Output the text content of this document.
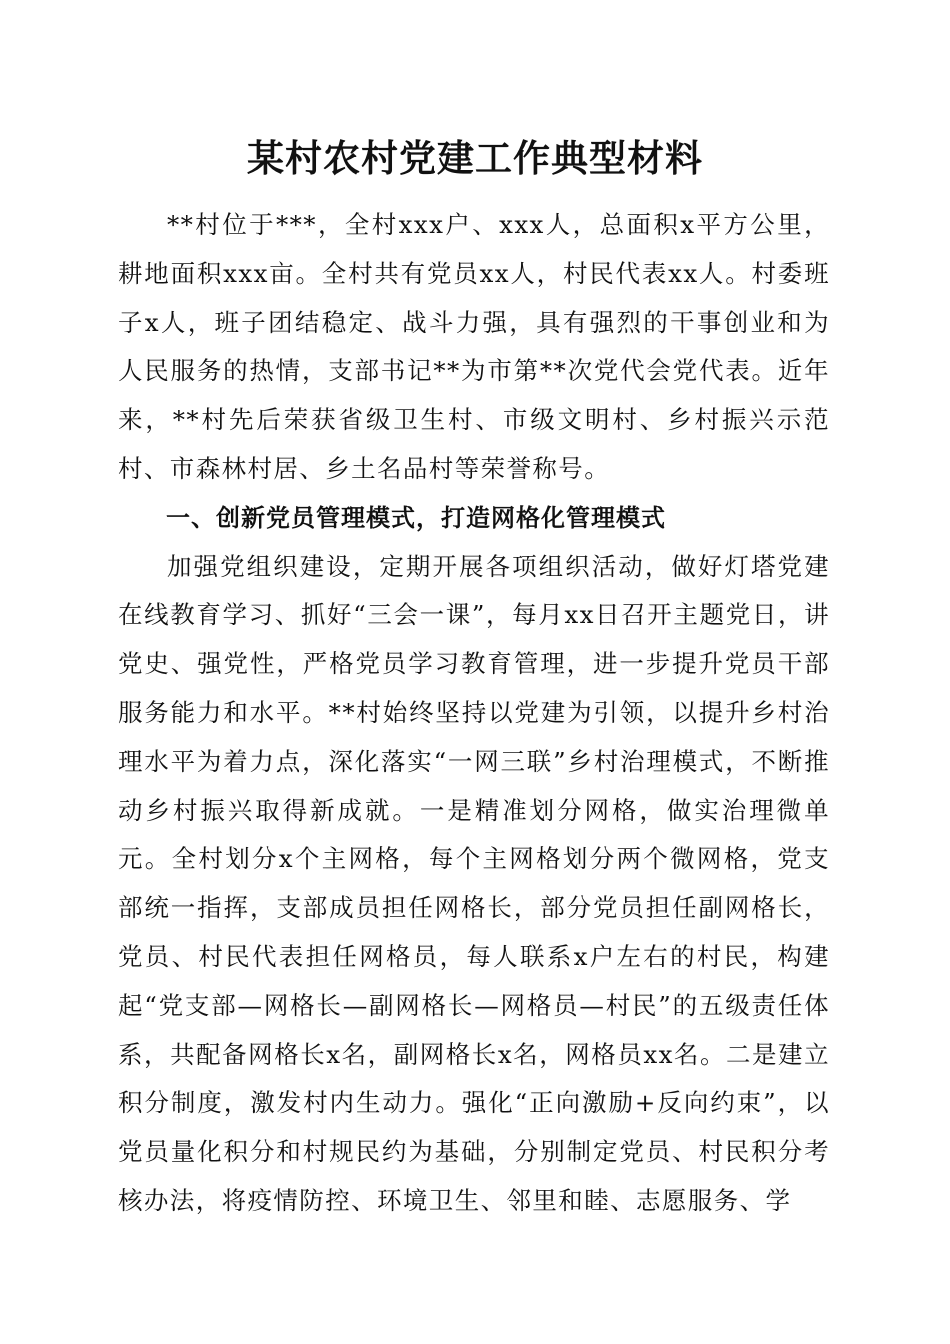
某村农村党建工作典型材料

**村位于***，全村xxx户、xxx人，总面积x平方公里，耕地面积xxx亩。全村共有党员xx人，村民代表xx人。村委班子x人，班子团结稳定、战斗力强，具有强烈的干事创业和为人民服务的热情，支部书记**为市第**次党代会党代表。近年来，**村先后荣获省级卫生村、市级文明村、乡村振兴示范村、市森林村居、乡土名品村等荣誉称号。

一、创新党员管理模式，打造网格化管理模式

加强党组织建设，定期开展各项组织活动，做好灯塔党建在线教育学习、抓好“三会一课”，每月xx日召开主题党日，讲党史、强党性，严格党员学习教育管理，进一步提升党员干部服务能力和水平。**村始终坚持以党建为引领，以提升乡村治理水平为着力点，深化落实“一网三联”乡村治理模式，不断推动乡村振兴取得新成就。一是精准划分网格，做实治理微单元。全村划分x个主网格，每个主网格划分两个微网格，党支部统一指挥，支部成员担任网格长，部分党员担任副网格长，党员、村民代表担任网格员，每人联系x户左右的村民，构建起“党支部—网格长—副网格长—网格员—村民”的五级责任体系，共配备网格长x名，副网格长x名，网格员xx名。二是建立积分制度，激发村内生动力。强化“正向激励+反向约束”，以党员量化积分和村规民约为基础，分别制定党员、村民积分考核办法，将疫情防控、环境卫生、邻里和睦、志愿服务、学
